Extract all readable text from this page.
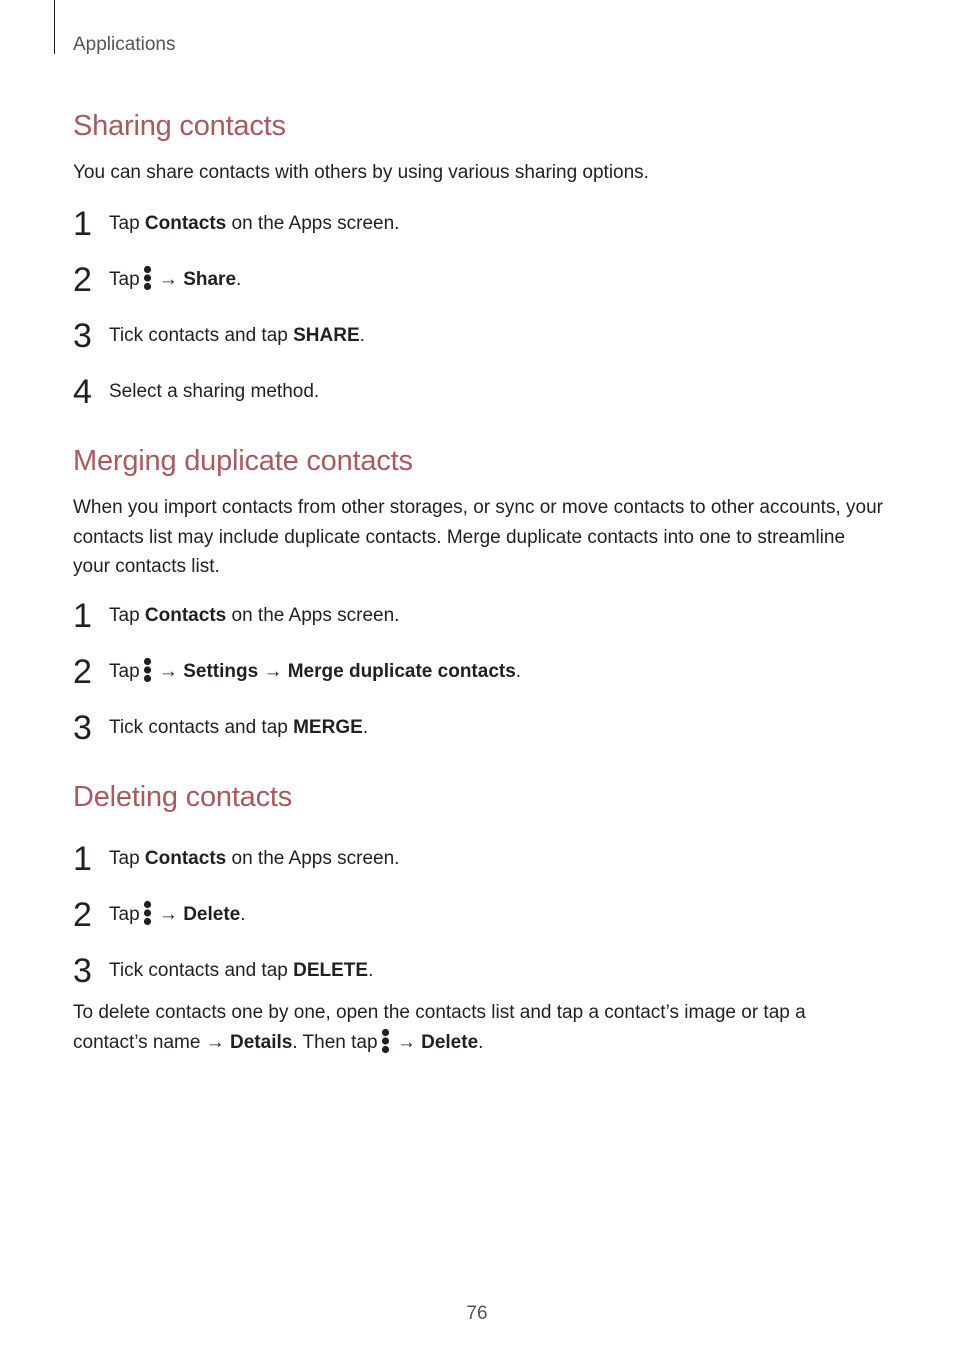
Applications
Sharing contacts

You can share contacts with others by using various sharing options.

1 Tap Contacts on the Apps screen.
2 Tap → Share.
3 Tick contacts and tap SHARE.
4 Select a sharing method.
Merging duplicate contacts

When you import contacts from other storages, or sync or move contacts to other accounts, your contacts list may include duplicate contacts. Merge duplicate contacts into one to streamline your contacts list.

1 Tap Contacts on the Apps screen.
2 Tap → Settings → Merge duplicate contacts.
3 Tick contacts and tap MERGE.
Deleting contacts
1 Tap Contacts on the Apps screen.
2 Tap → Delete.
3 Tick contacts and tap DELETE.

To delete contacts one by one, open the contacts list and tap a contact’s image or tap a contact’s name → Details. Then tap → Delete.

76
